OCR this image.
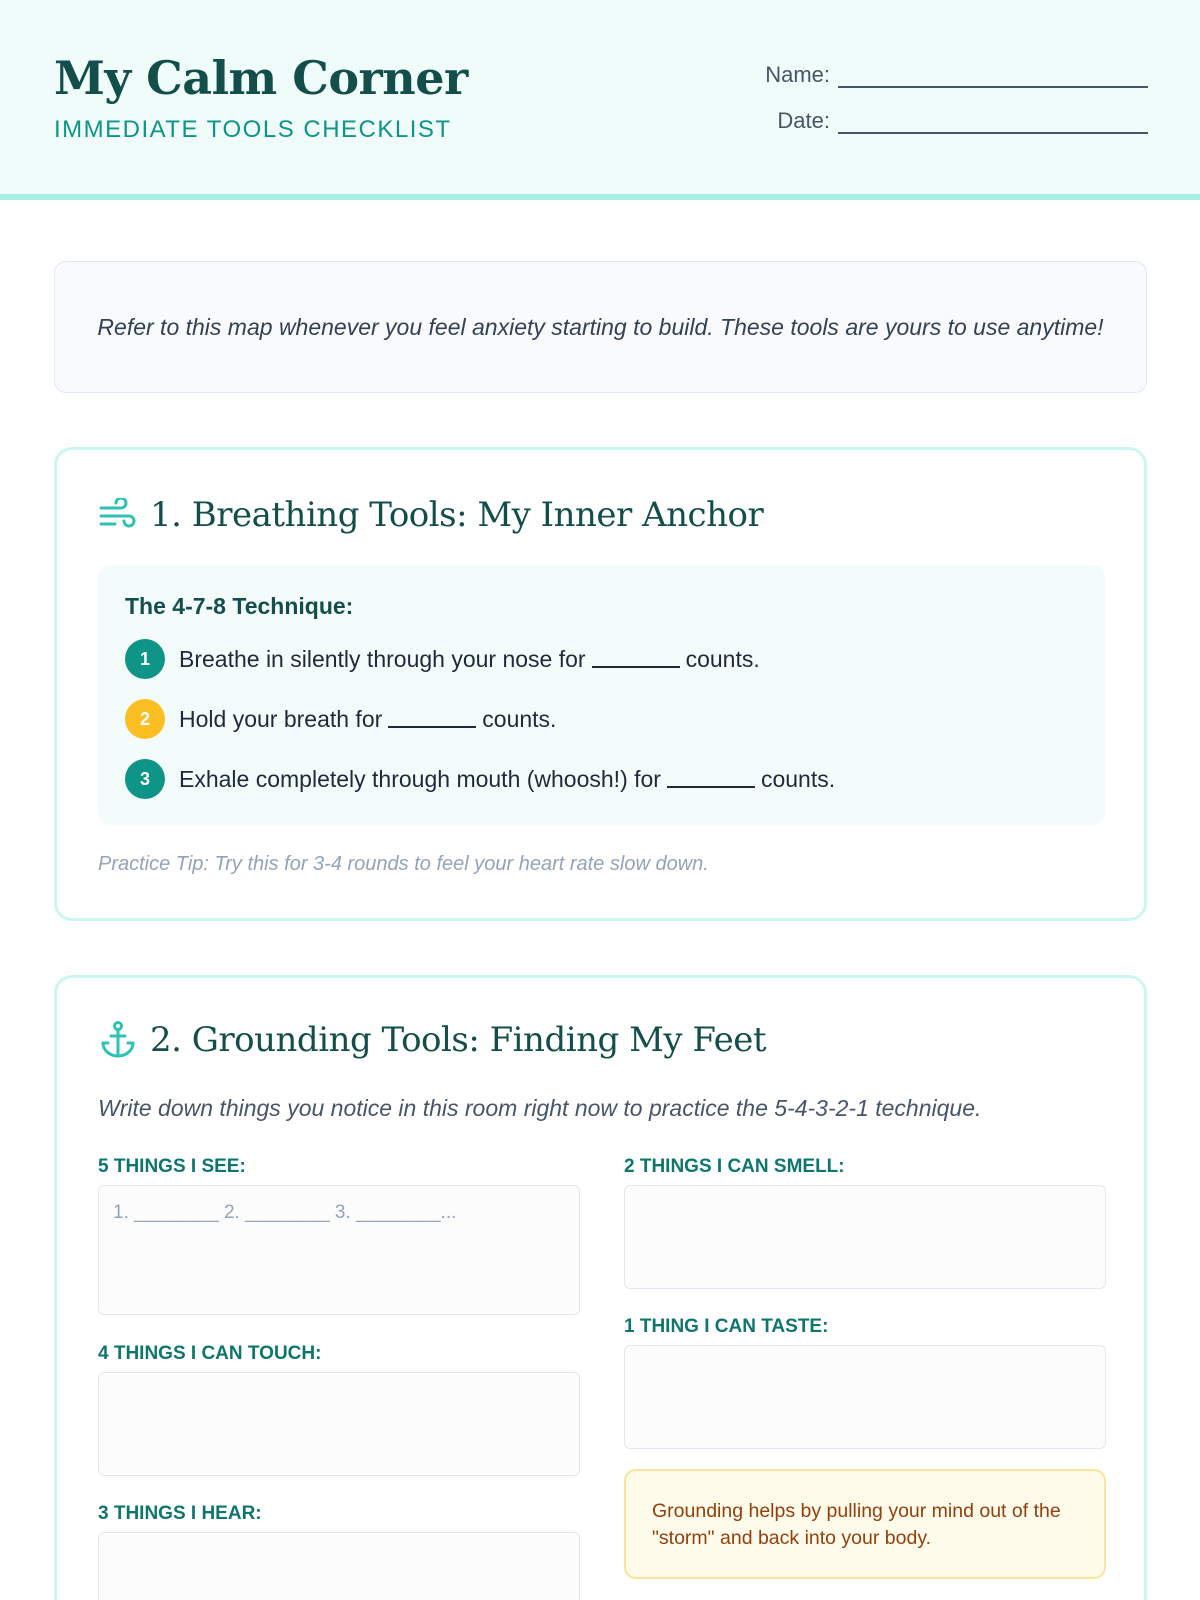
My Calm Corner
IMMEDIATE TOOLS CHECKLIST
Name:
Date:

Refer to this map whenever you feel anxiety starting to build. These tools are yours to use anytime!

1. Breathing Tools: My Inner Anchor
The 4-7-8 Technique:
1	Breathe in silently through your nose for	counts.
2	Hold your breath for	counts.
3	Exhale completely through mouth (whoosh!) for	counts.

Practice Tip: Try this for 3-4 rounds to feel your heart rate slow down.

2. Grounding Tools: Finding My Feet

Write down things you notice in this room right now to practice the 5-4-3-2-1 technique.

5 THINGS I SEE:
1. ________ 2. ________ 3. ________...
4 THINGS I CAN TOUCH:
3 THINGS I HEAR:
2 THINGS I CAN SMELL:
1 THING I CAN TASTE:
Grounding helps by pulling your mind out of the "storm" and back into your body.
